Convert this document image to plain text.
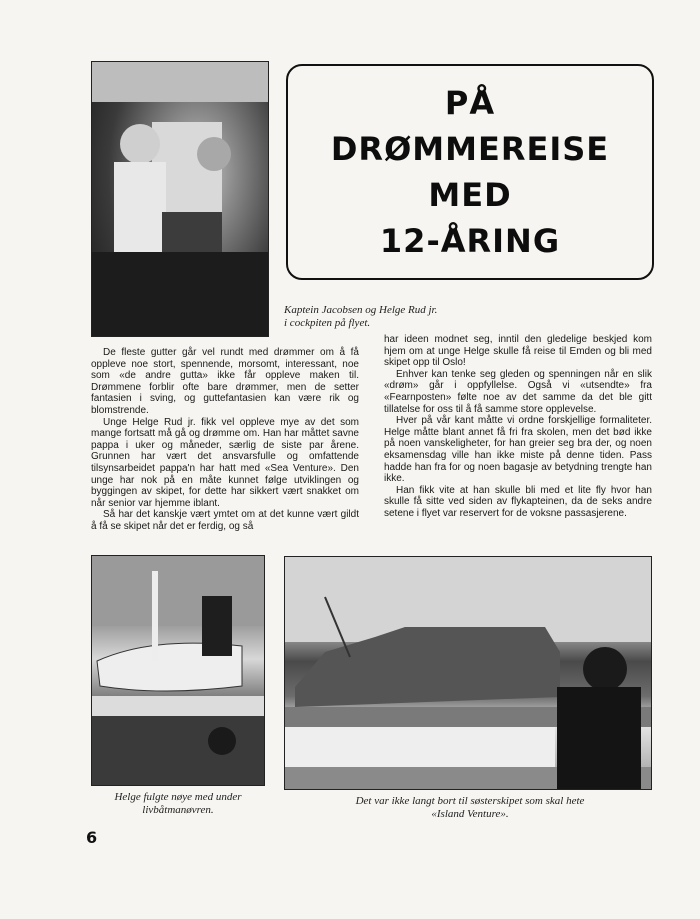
PÅ
DRØMMEREISE
MED
12-ÅRING
Kaptein Jacobsen og Helge Rud jr.
i cockpiten på flyet.

De fleste gutter går vel rundt med drømmer om å få oppleve noe stort, spennende, morsomt, interessant, noe som «de andre gutta» ikke får oppleve maken til. Drømmene forblir ofte bare drømmer, men de setter fantasien i sving, og guttefantasien kan være rik og blomstrende.

Unge Helge Rud jr. fikk vel oppleve mye av det som mange fortsatt må gå og drømme om. Han har måttet savne pappa i uker og måneder, særlig de siste par årene. Grunnen har vært det ansvarsfulle og omfattende tilsynsarbeidet pappa'n har hatt med «Sea Venture». Den unge har nok på en måte kunnet følge utviklingen og byggingen av skipet, for dette har sikkert vært snakket om når senior var hjemme iblant.

Så har det kanskje vært ymtet om at det kunne vært gildt å få se skipet når det er ferdig, og så

har ideen modnet seg, inntil den gledelige beskjed kom hjem om at unge Helge skulle få reise til Emden og bli med skipet opp til Oslo!

Enhver kan tenke seg gleden og spenningen når en slik «drøm» går i oppfyllelse. Også vi «utsendte» fra «Fearnposten» følte noe av det samme da det ble gitt tillatelse for oss til å få samme store opplevelse.

Hver på vår kant måtte vi ordne forskjellige formaliteter. Helge måtte blant annet få fri fra skolen, men det bød ikke på noen vanskeligheter, for han greier seg bra der, og noen eksamensdag ville han ikke miste på denne tiden. Pass hadde han fra for og noen bagasje av betydning trengte han ikke.

Han fikk vite at han skulle bli med et lite fly hvor han skulle få sitte ved siden av flykapteinen, da de seks andre setene i flyet var reservert for de voksne passasjerene.

Helge fulgte nøye med under
livbåtmanøvren.
Det var ikke langt bort til søsterskipet som skal hete
«Island Venture».
6
